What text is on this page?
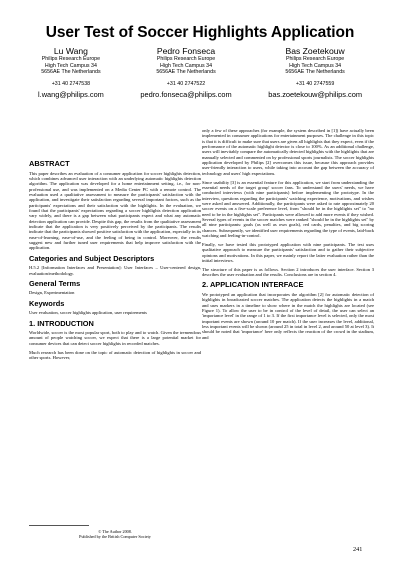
User Test of Soccer Highlights Application
Lu Wang
Philips Research Europe
High Tech Campus 34
5656AE The Netherlands
+31 40 2747538
l.wang@philips.com
Pedro Fonseca
Philips Research Europe
High Tech Campus 34
5656AE The Netherlands
+31 40 2747522
pedro.fonseca@philips.com
Bas Zoetekouw
Philips Research Europe
High Tech Campus 34
5656AE The Netherlands
+31 40 2747559
bas.zoetekouw@philips.com
ABSTRACT

This paper describes an evaluation of a consumer application for soccer highlights detection, which combines advanced user interaction with an underlying automatic highlights detection algorithm. The application was developed for a home entertainment setting, i.e., for non-professional use, and was implemented on a Media Center PC with a remote control. The evaluation used a qualitative assessment to measure the participants' satisfaction with the application, and investigate their satisfaction regarding several important factors, such as the participants' expectations and their satisfaction with the highlights. In the evaluation, we found that the participants' expectations regarding a soccer highlights detection application vary widely, and there is a gap between what participants expect and what any automatic detection application can provide. Despite this gap, the results from the qualitative assessment indicate that the application is very positively perceived by the participants. The results indicate that the participants showed positive satisfaction with the application, especially in its ease-of-learning, ease-of-use, and the feeling of being in control. Moreover, the results suggest new and further tuned user requirements that help improve satisfaction with the application.

Categories and Subject Descriptors

H.5.2 [Information Interfaces and Presentation]: User Interfaces – User-centered design, evaluation/methodology.

General Terms

Design, Experimentation

Keywords

User evaluation, soccer highlights application, user requirements

1. INTRODUCTION

Worldwide, soccer is the most popular sport, both to play and to watch. Given the tremendous amount of people watching soccer, we expect that there is a large potential market for consumer devices that can detect soccer highlights in recorded matches.

Much research has been done on the topic of automatic detection of highlights in soccer and other sports. However,

© The Author 2008.
Published by the British Computer Society

only a few of these approaches (for example, the system described in [1]) have actually been implemented in consumer applications for entertainment purposes. The challenge in this topic is that it is difficult to make sure that users are given all highlights that they expect, even if the performance of the automatic highlight detector is close to 100%. As an additional challenge, users will inevitably compare the automatically detected highlights with the highlights that are manually selected and commented on by professional sports journalists. The soccer highlights application developed by Philips [2] overcomes this issue, because this approach provides user-friendly interaction to users, while taking into account the gap between the accuracy of technology and users' high expectations.

Since usability [3] is an essential feature for this application, we start from understanding the essential needs of the target group' soccer fans. To understand the users' needs, we have conducted interviews (with nine participants) before implementing the prototype. In the interview, questions regarding the participants' watching experience, motivations, and wishes were asked and answered. Additionally, the participants were asked to rate approximately 20 soccer events on a five-scale preference level, from "should be in the highlights set" to "no need to be in the highlights set". Participants were allowed to add more events if they wished. Several types of events in the soccer matches were ranked "should be in the highlights set" by all nine participants: goals (as well as own goals), red cards, penalties, and big scoring chances. Subsequently, we identified user requirements regarding the type of events, laid-back watching and feeling-in-control.

Finally, we have tested this prototyped application with nine participants. The test uses qualitative approach to measure the participants' satisfaction and to gather their subjective opinions and motivations. In this paper, we mainly report the latter evaluation rather than the initial interviews.

The structure of this paper is as follows. Section 2 introduces the user interface. Section 3 describes the user evaluation and the results. Conclusions are in section 4.

2. APPLICATION INTERFACE

We prototyped an application that incorporates the algorithm [2] for automatic detection of highlights in broadcasted soccer matches. The application detects the highlights in a match and uses markers in a timeline to show where in the match the highlights are located (see Figure 1). To allow the user to be in control of the level of detail, the user can select an 'importance level' in the range of 1 to 3. If the first importance level is selected, only the most important events are shown (around 10 per match). If the user increases the level, additional, less important events will be shown (around 25 in total in level 2, and around 50 at level 3). It should be noted that 'importance' here only reflects the reaction of the crowd in the stadium, and

241
